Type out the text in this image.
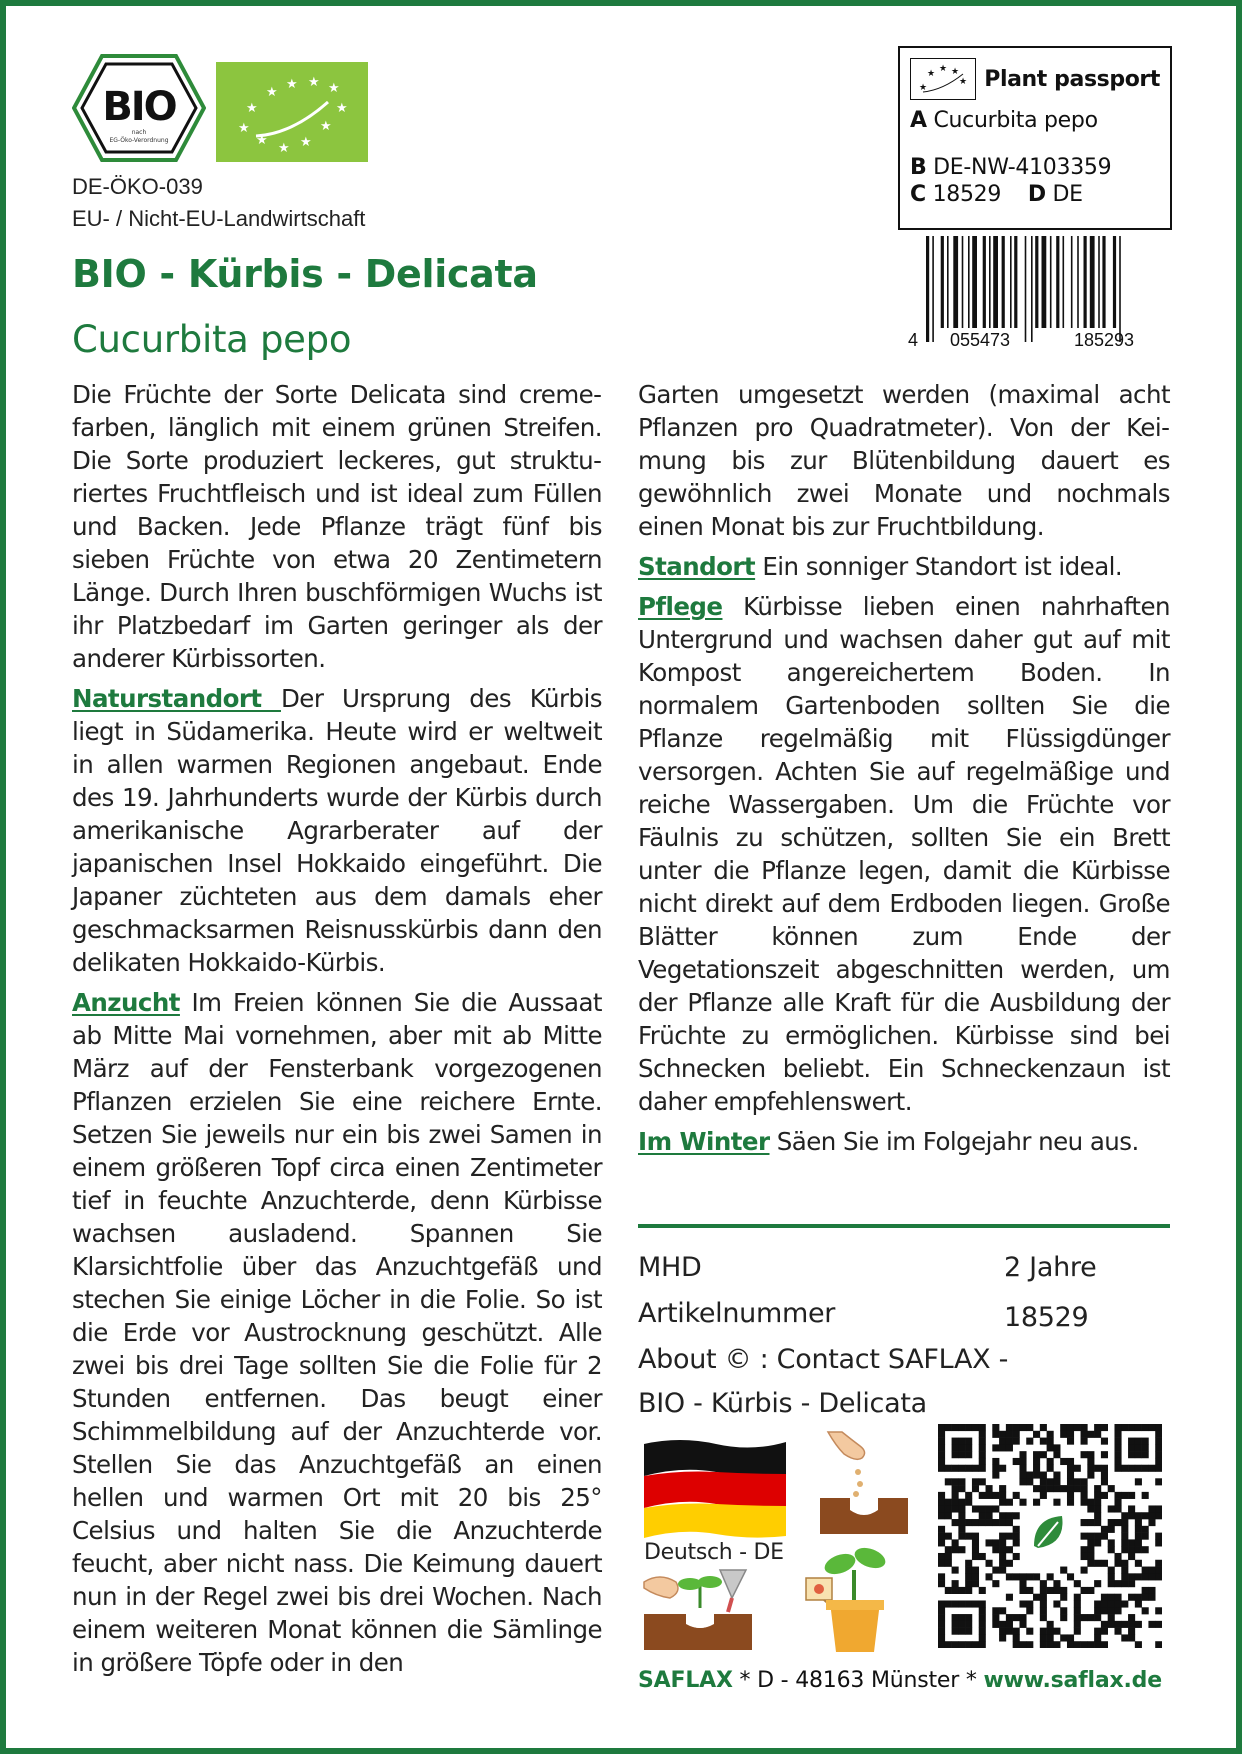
BIO
nach
EG-Öko-Verordnung
★
★ ★ ★
★	★
★	★
★
★ ★
DE-ÖKO-039
EU- / Nicht-EU-Landwirtschaft
BIO - Kürbis - Delicata
Cucurbita pepo
★
★ ★ ★
★ Plant passport
A Cucurbita pepo
B DE-NW-4103359
C 18529 D DE
4 055473	185293

Die Früchte der Sorte Delicata sind cremefarben, länglich mit einem grünen Streifen. Die Sorte produziert leckeres, gut strukturiertes Fruchtfleisch und ist ideal zum Füllen und Backen. Jede Pflanze trägt fünf bis sieben Früchte von etwa 20 Zentimetern Länge. Durch Ihren buschförmigen Wuchs ist ihr Platzbedarf im Garten geringer als der anderer Kürbissorten.

Naturstandort Der Ursprung des Kürbis liegt in Südamerika. Heute wird er weltweit in allen warmen Regionen angebaut. Ende des 19. Jahrhunderts wurde der Kürbis durch amerikanische Agrarberater auf der japanischen Insel Hokkaido eingeführt. Die Japaner züchteten aus dem damals eher geschmacksarmen Reisnusskürbis dann den delikaten Hokkaido-Kürbis.

Anzucht Im Freien können Sie die Aussaat ab Mitte Mai vornehmen, aber mit ab Mitte März auf der Fensterbank vorgezogenen Pflanzen erzielen Sie eine reichere Ernte. Setzen Sie jeweils nur ein bis zwei Samen in einem größeren Topf circa einen Zentimeter tief in feuchte Anzuchterde, denn Kürbisse wachsen ausladend. Spannen Sie Klarsichtfolie über das Anzuchtgefäß und stechen Sie einige Löcher in die Folie. So ist die Erde vor Austrocknung geschützt. Alle zwei bis drei Tage sollten Sie die Folie für 2 Stunden entfernen. Das beugt einer Schimmelbildung auf der Anzuchterde vor. Stellen Sie das Anzuchtgefäß an einen hellen und warmen Ort mit 20 bis 25° Celsius und halten Sie die Anzuchterde feucht, aber nicht nass. Die Keimung dauert nun in der Regel zwei bis drei Wochen. Nach einem weiteren Monat können die Sämlinge in größere Töpfe oder in den

Garten umgesetzt werden (maximal acht Pflanzen pro Quadratmeter). Von der Keimung bis zur Blütenbildung dauert es gewöhnlich zwei Monate und nochmals einen Monat bis zur Fruchtbildung.

Standort Ein sonniger Standort ist ideal.

Pflege Kürbisse lieben einen nahrhaften Untergrund und wachsen daher gut auf mit Kompost angereichertem Boden. In normalem Gartenboden sollten Sie die Pflanze regelmäßig mit Flüssigdünger versorgen. Achten Sie auf regelmäßige und reiche Wassergaben. Um die Früchte vor Fäulnis zu schützen, sollten Sie ein Brett unter die Pflanze legen, damit die Kürbisse nicht direkt auf dem Erdboden liegen. Große Blätter können zum Ende der Vegetationszeit abgeschnitten werden, um der Pflanze alle Kraft für die Ausbildung der Früchte zu ermöglichen. Kürbisse sind bei Schnecken beliebt. Ein Schneckenzaun ist daher empfehlenswert.

Im Winter Säen Sie im Folgejahr neu aus.

MHD	2 Jahre
Artikelnummer	18529
About © : Contact SAFLAX -
BIO - Kürbis - Delicata
Deutsch - DE
SAFLAX * D - 48163 Münster * www.saflax.de
